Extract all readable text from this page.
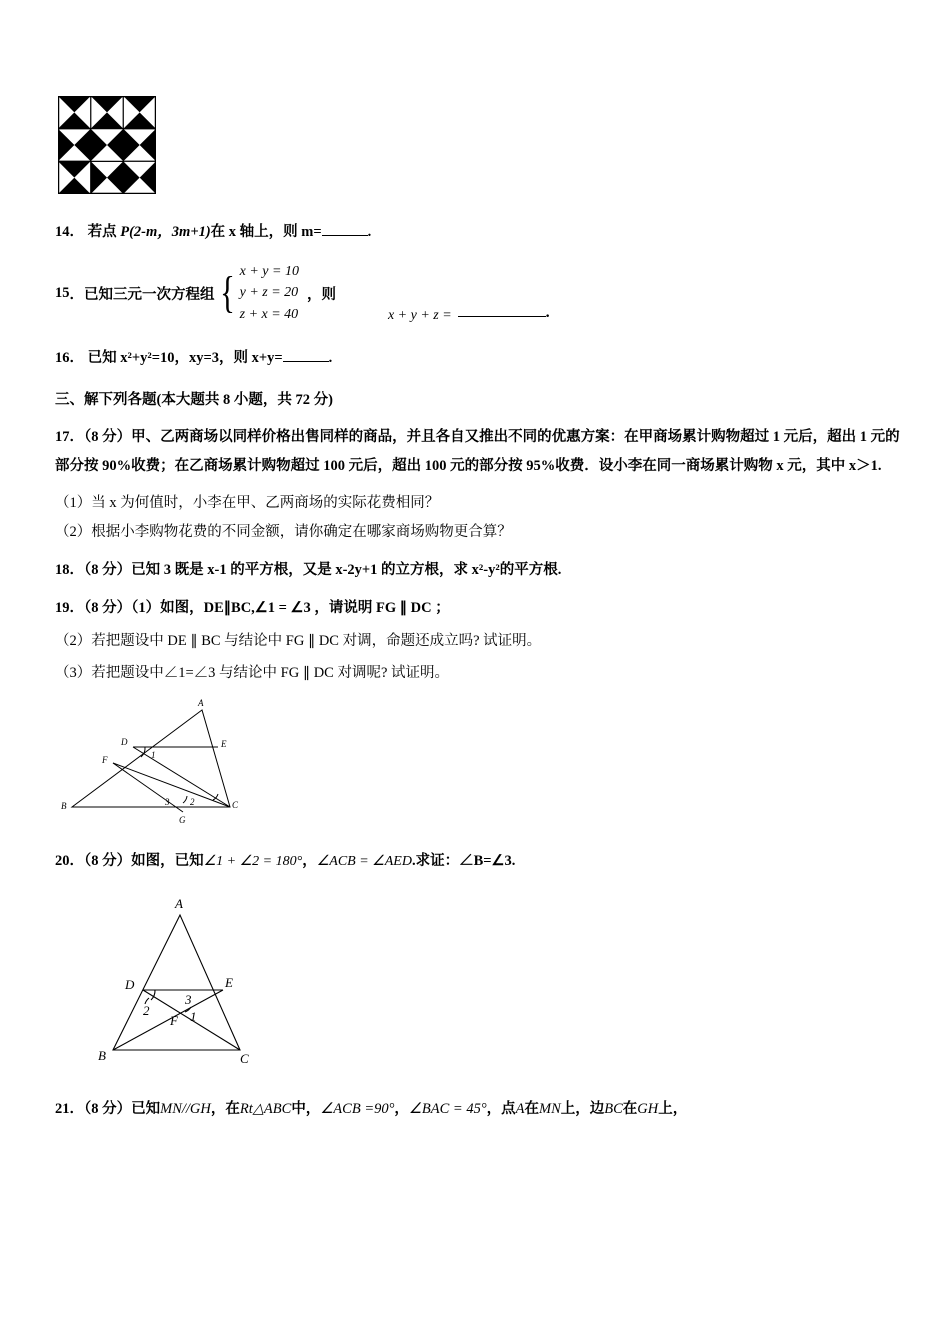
14． 若点 P(2-m，3m+1)在 x 轴上，则 m=	.
15 ． 已知三元一次方程组 { x + y = 10
y + z = 20
z + x = 40
，则
x + y + z =	.
16． 已知 x²+y²=10，xy=3，则 x+y=	.
三、解下列各题(本大题共 8 小题，共 72 分)
17．（8 分）甲、乙两商场以同样价格出售同样的商品，并且各自又推出不同的优惠方案：在甲商场累计购物超过 1 元后，超出 1 元的部分按 90%收费；在乙商场累计购物超过 100 元后，超出 100 元的部分按 95%收费．设小李在同一商场累计购物 x 元，其中 x＞1.
（1）当 x 为何值时，小李在甲、乙两商场的实际花费相同？
（2）根据小李购物花费的不同金额，请你确定在哪家商场购物更合算？
18．（8 分）已知 3 既是 x-1 的平方根，又是 x-2y+1 的立方根，求 x²-y²的平方根.
19．（8 分）（1）如图，DE∥BC,∠1 = ∠3 ，请说明 FG ∥ DC ；
（2）若把题设中 DE ∥ BC 与结论中 FG ∥ DC 对调，命题还成立吗? 试证明。
（3）若把题设中∠1=∠3 与结论中 FG ∥ DC 对调呢? 试证明。
A
D	E
F
B	C
G
1
2
3
20．（8 分）如图，已知∠1 + ∠2 = 180°，∠ACB = ∠AED.求证：∠B=∠3.
A
D	E
B	C
F
2	1
3
21．（8 分）已知MN//GH，在Rt△ABC中，∠ACB =90°，∠BAC = 45°，点A在MN上，边BC在GH上，
